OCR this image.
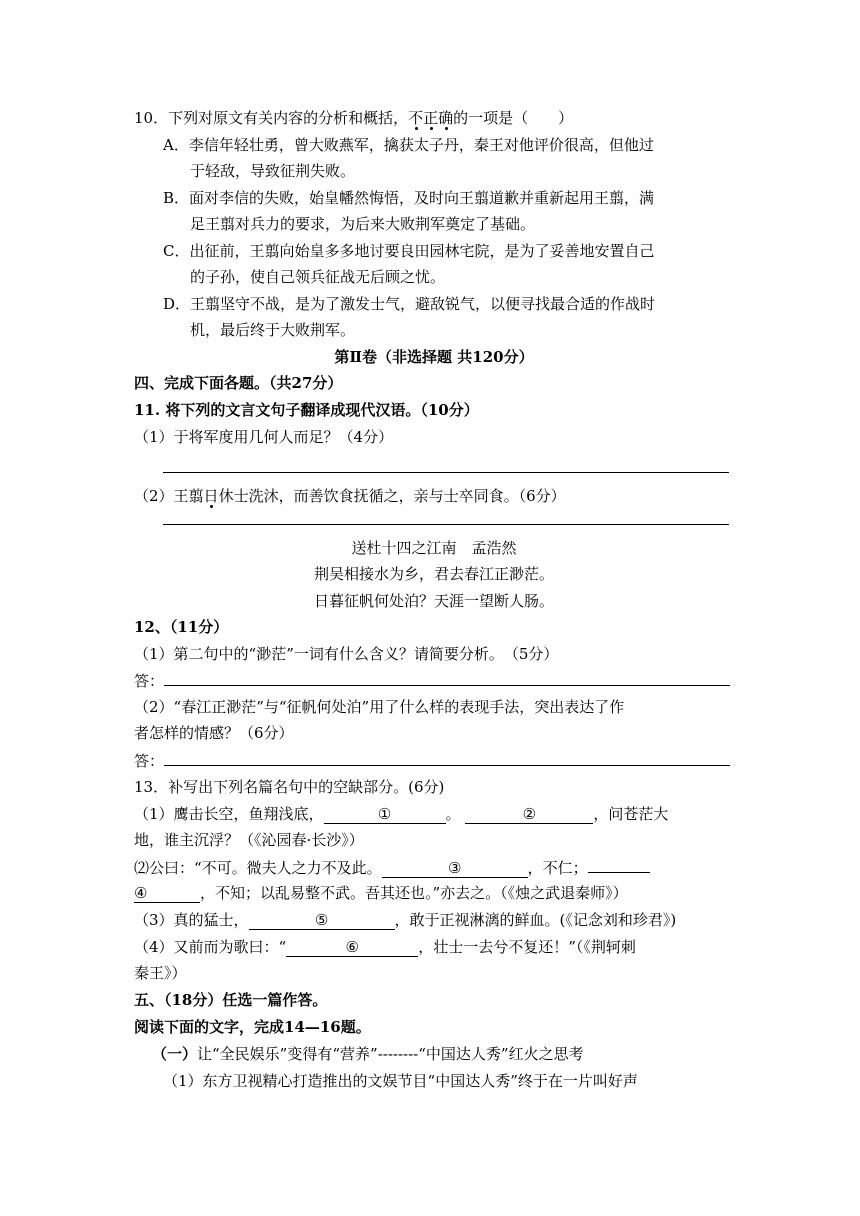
10．下列对原文有关内容的分析和概括，不正确的一项是（　　）
A．李信年轻壮勇，曾大败燕军，擒获太子丹，秦王对他评价很高，但他过
于轻敌，导致征荆失败。
B．面对李信的失败，始皇幡然悔悟，及时向王翦道歉并重新起用王翦，满
足王翦对兵力的要求，为后来大败荆军奠定了基础。
C．出征前，王翦向始皇多多地讨要良田园林宅院，是为了妥善地安置自己
的子孙，使自己领兵征战无后顾之忧。
D．王翦坚守不战，是为了激发士气，避敌锐气，以便寻找最合适的作战时
机，最后终于大败荆军。
第Ⅱ卷（非选择题 共120分）
四、完成下面各题。（共27分）
11. 将下列的文言文句子翻译成现代汉语。（10分）
（1）于将军度用几何人而足？（4分）
（2）王翦日休士洗沐，而善饮食抚循之，亲与士卒同食。（6分）
送杜十四之江南　孟浩然
荆吴相接水为乡，君去春江正渺茫。
日暮征帆何处泊？天涯一望断人肠。
12、（11分）
（1）第二句中的“渺茫”一词有什么含义？请简要分析。　（5分）
答：
（2）“春江正渺茫”与“征帆何处泊”用了什么样的表现手法，突出表达了作
者怎样的情感？（6分）
答：
13．补写出下列名篇名句中的空缺部分。(6分)
（1）鹰击长空，鱼翔浅底，	①	。	②	，问苍茫大
地，谁主沉浮？（《沁园春·长沙》）
⑵公曰：“不可。微夫人之力不及此。	③	，不仁；
④	，不知；以乱易整不武。吾其还也。”亦去之。（《烛之武退秦师》）
（3）真的猛士，	⑤	，敢于正视淋漓的鲜血。(《记念刘和珍君》)
（4）又前而为歌曰：“	⑥	，壮士一去兮不复还！”（《荆轲刺
秦王》）
五、（18分）任选一篇作答。
阅读下面的文字，完成14—16题。
（一）让“全民娱乐”变得有“营养”--------“中国达人秀”红火之思考
（1）东方卫视精心打造推出的文娱节目“中国达人秀”终于在一片叫好声
